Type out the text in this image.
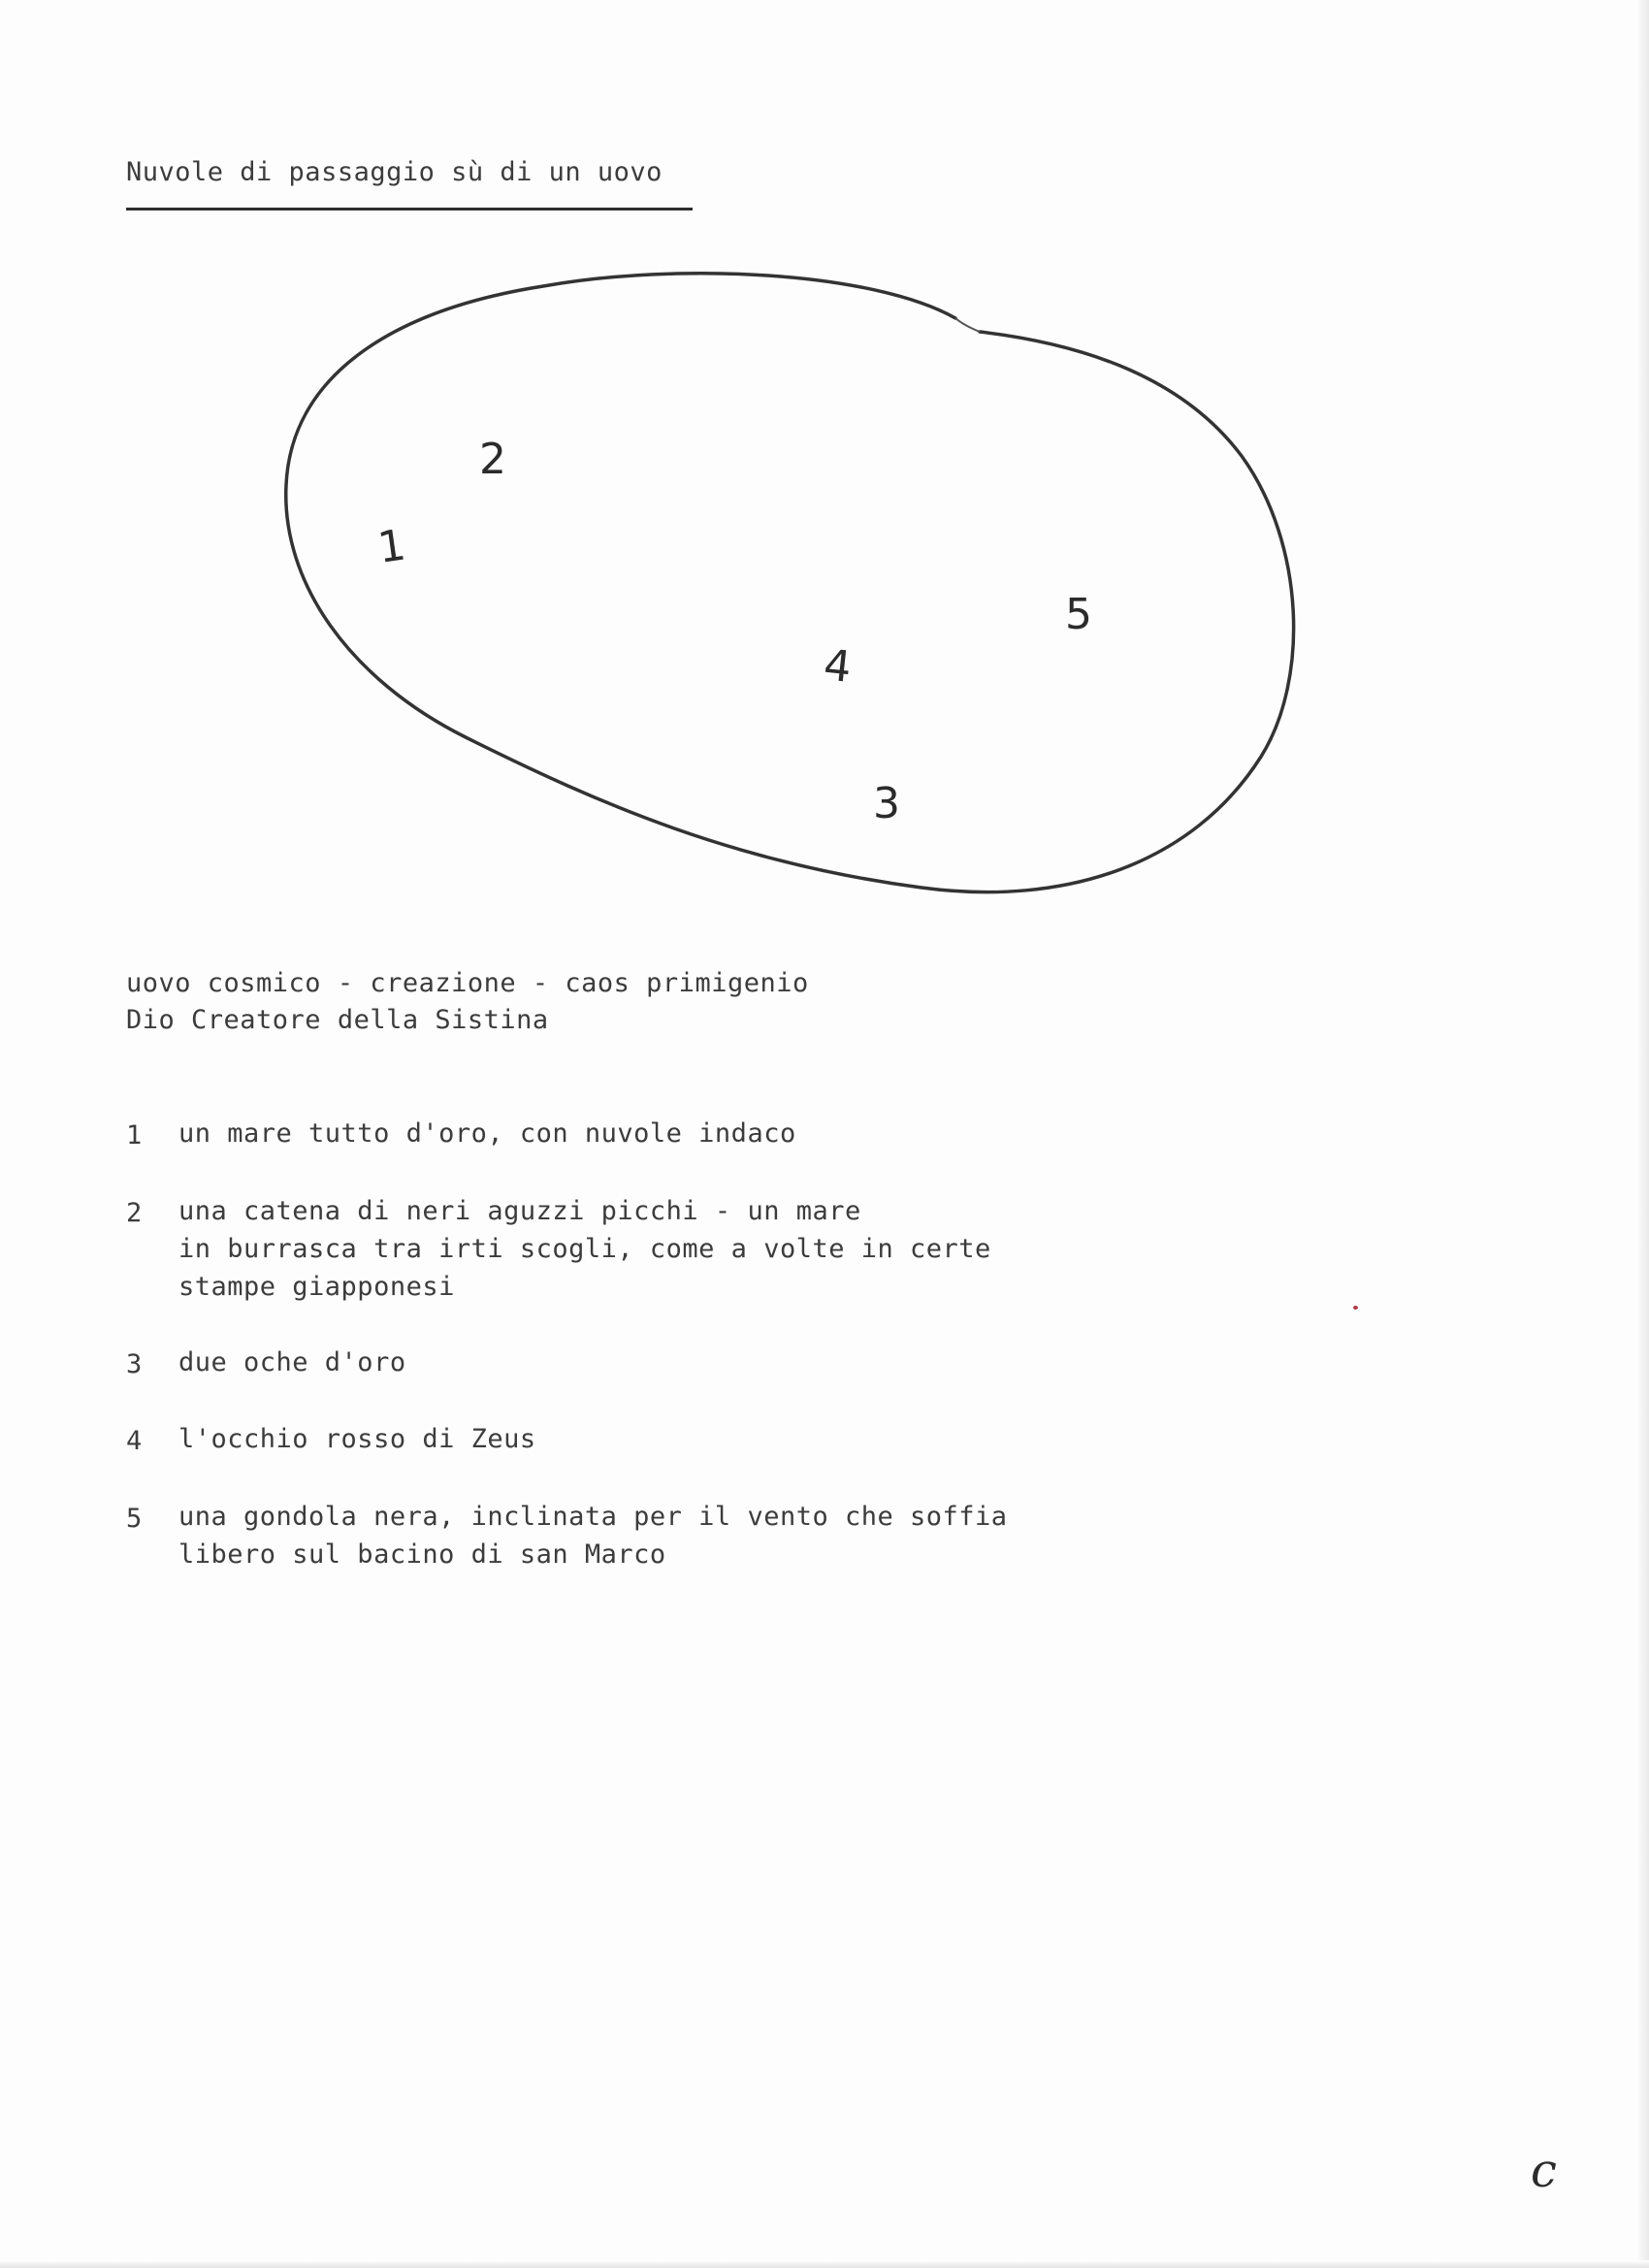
Nuvole di passaggio sù di un uovo
1
2
3
4
5
uovo cosmico - creazione - caos primigenio
Dio Creatore della Sistina
1 un mare tutto d'oro, con nuvole indaco
2 una catena di neri aguzzi picchi - un mare
in burrasca tra irti scogli, come a volte in certe
stampe giapponesi
3 due oche d'oro
4 l'occhio rosso di Zeus
5 una gondola nera, inclinata per il vento che soffia
libero sul bacino di san Marco
c
